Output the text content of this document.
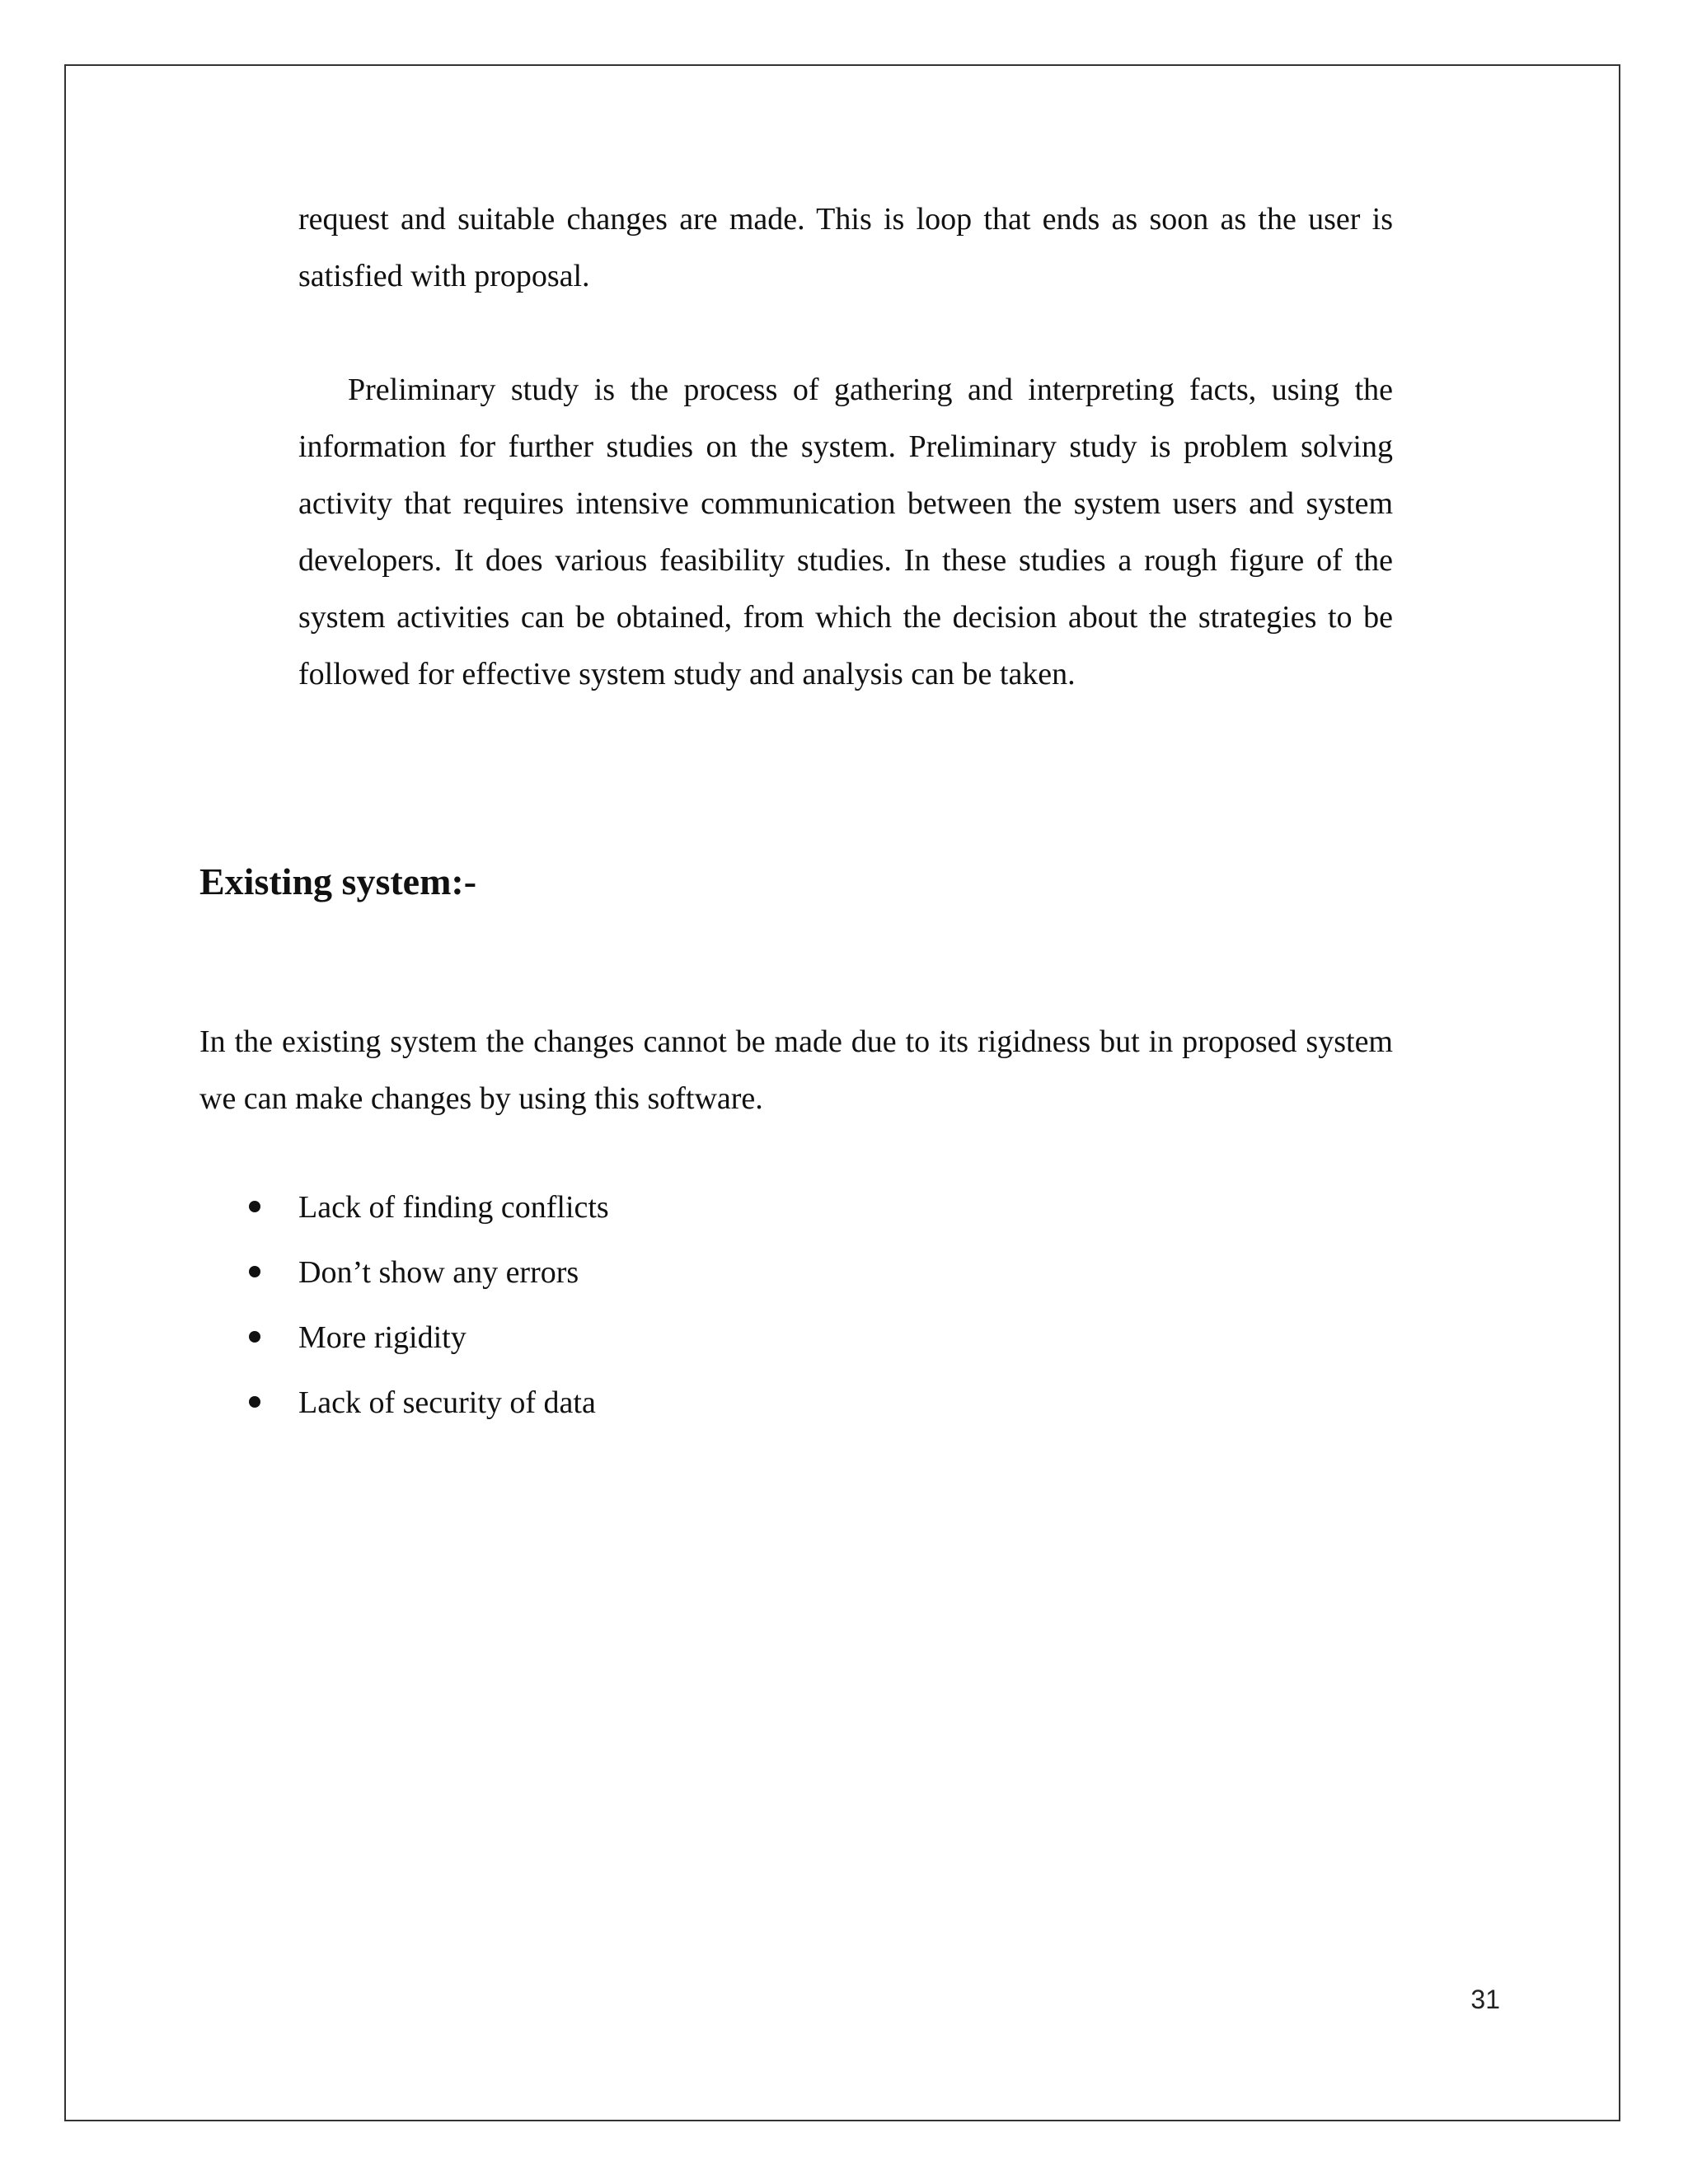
request and suitable changes are made. This is loop that ends as soon as the user is satisfied with proposal.

Preliminary study is the process of gathering and interpreting facts, using the information for further studies on the system. Preliminary study is problem solving activity that requires intensive communication between the system users and system developers. It does various feasibility studies. In these studies a rough figure of the system activities can be obtained, from which the decision about the strategies to be followed for effective system study and analysis can be taken.

Existing system:-

In the existing system the changes cannot be made due to its rigidness but in proposed system we can make changes by using this software.

Lack of finding conflicts
Don’t show any errors
More rigidity
Lack of security of data
31
